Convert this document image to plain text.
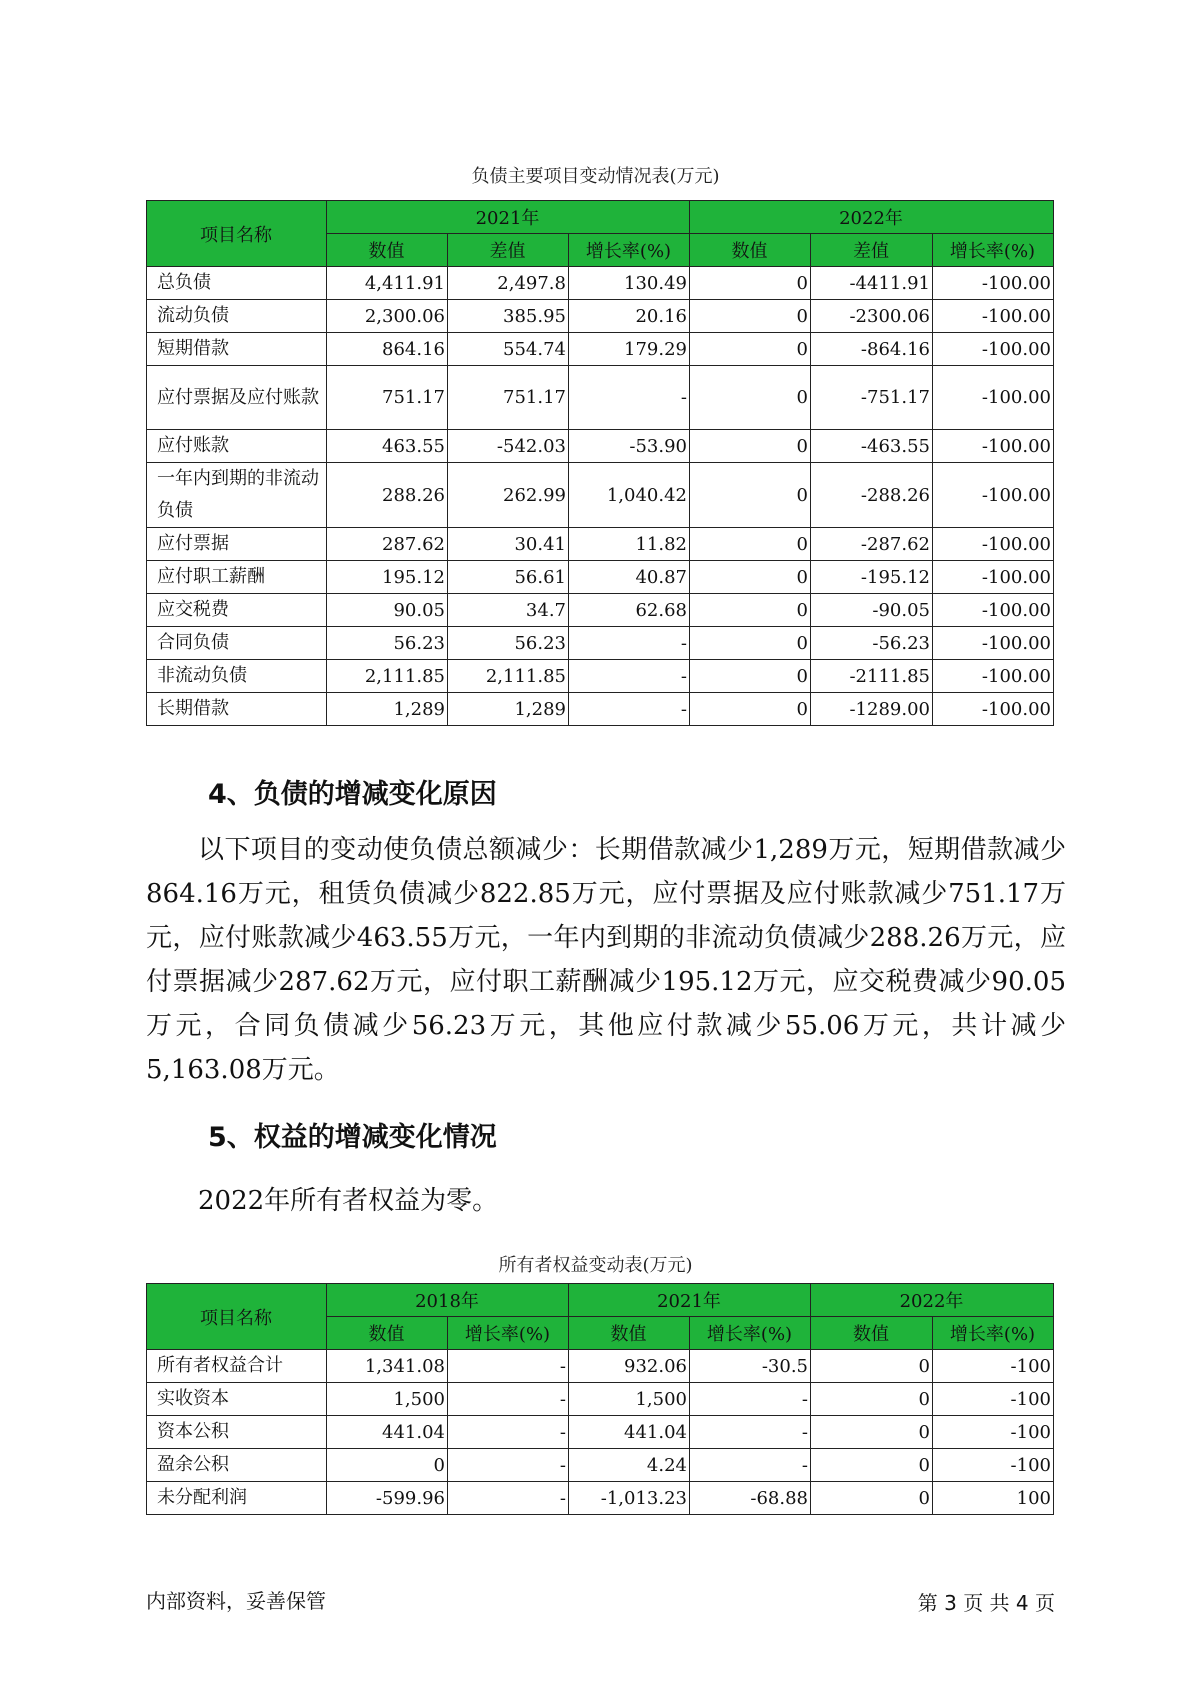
负债主要项目变动情况表(万元)
项目名称	2021年			2022年		
	数值	差值	增长率(%)	数值	差值	增长率(%)
总负债	4,411.91	2,497.8	130.49	0	-4411.91	-100.00
流动负债	2,300.06	385.95	20.16	0	-2300.06	-100.00
短期借款	864.16	554.74	179.29	0	-864.16	-100.00
应付票据及应付账款	751.17	751.17	-	0	-751.17	-100.00
应付账款	463.55	-542.03	-53.90	0	-463.55	-100.00
一年内到期的非流动负债	288.26	262.99	1,040.42	0	-288.26	-100.00
应付票据	287.62	30.41	11.82	0	-287.62	-100.00
应付职工薪酬	195.12	56.61	40.87	0	-195.12	-100.00
应交税费	90.05	34.7	62.68	0	-90.05	-100.00
合同负债	56.23	56.23	-	0	-56.23	-100.00
非流动负债	2,111.85	2,111.85	-	0	-2111.85	-100.00
长期借款	1,289	1,289	-	0	-1289.00	-100.00
4、负债的增减变化原因

以下项目的变动使负债总额减少：长期借款减少1,289万元，短期借款减少864.16万元，租赁负债减少822.85万元，应付票据及应付账款减少751.17万元，应付账款减少463.55万元，一年内到期的非流动负债减少288.26万元，应付票据减少287.62万元，应付职工薪酬减少195.12万元，应交税费减少90.05万元，合同负债减少56.23万元，其他应付款减少55.06万元，共计减少5,163.08万元。

5、权益的增减变化情况

2022年所有者权益为零。

所有者权益变动表(万元)
项目名称	2018年		2021年		2022年	
	数值	增长率(%)	数值	增长率(%)	数值	增长率(%)
所有者权益合计	1,341.08	-	932.06	-30.5	0	-100
实收资本	1,500	-	1,500	-	0	-100
资本公积	441.04	-	441.04	-	0	-100
盈余公积	0	-	4.24	-	0	-100
未分配利润	-599.96	-	-1,013.23	-68.88	0	100
内部资料，妥善保管	第 3 页 共 4 页
